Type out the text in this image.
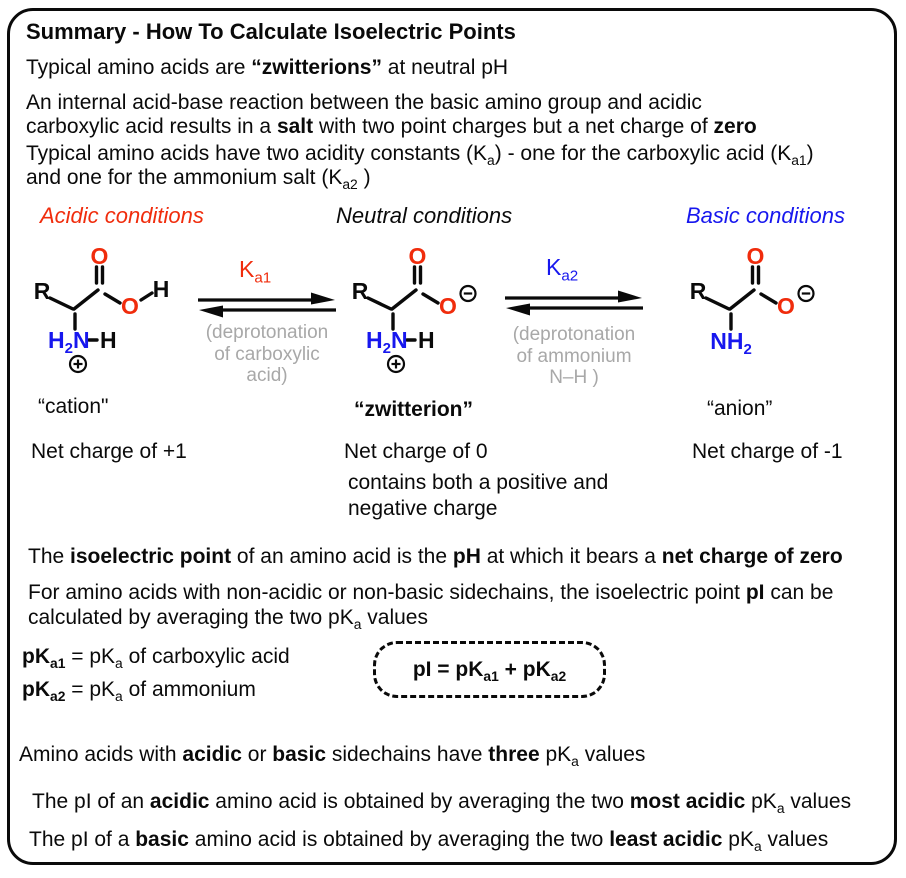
Summary - How To Calculate Isoelectric Points
Typical amino acids are “zwitterions” at neutral pH
An internal acid-base reaction between the basic amino group and acidic
carboxylic acid results in a salt with two point charges but a net charge of zero
Typical amino acids have two acidity constants $(K_a)$ - one for the carboxylic acid $(K_{a1})$
and one for the ammonium salt ($K_{a2}$ )
Acidic conditions	Neutral conditions	Basic conditions
R
O
O
H
$H_2N$ H
$K_{a1}$
(deprotonation
of carboxylic
acid)
R
O
O
$H_2N$ H
$K_{a2}$
(deprotonation
of ammonium
N–H )
R
O
O
$NH_2$
“cation"	“zwitterion”	“anion”
Net charge of +1	Net charge of 0
contains both a positive and
negative charge
Net charge of -1
The isoelectric point of an amino acid is the pH at which it bears a net charge of zero
For amino acids with non-acidic or non-basic sidechains, the isoelectric point pI can be
calculated by averaging the two $pK_a$ values
$pK_{a1} = pK_a$ of carboxylic acid
$pK_{a2} = pK_a$ of ammonium
pI = $pK_{a1} + pK_{a2}$
Amino acids with acidic or basic sidechains have three $pK_a$ values
The pI of an acidic amino acid is obtained by averaging the two most acidic $pK_a$ values
The pI of a basic amino acid is obtained by averaging the two least acidic $pK_a$ values
